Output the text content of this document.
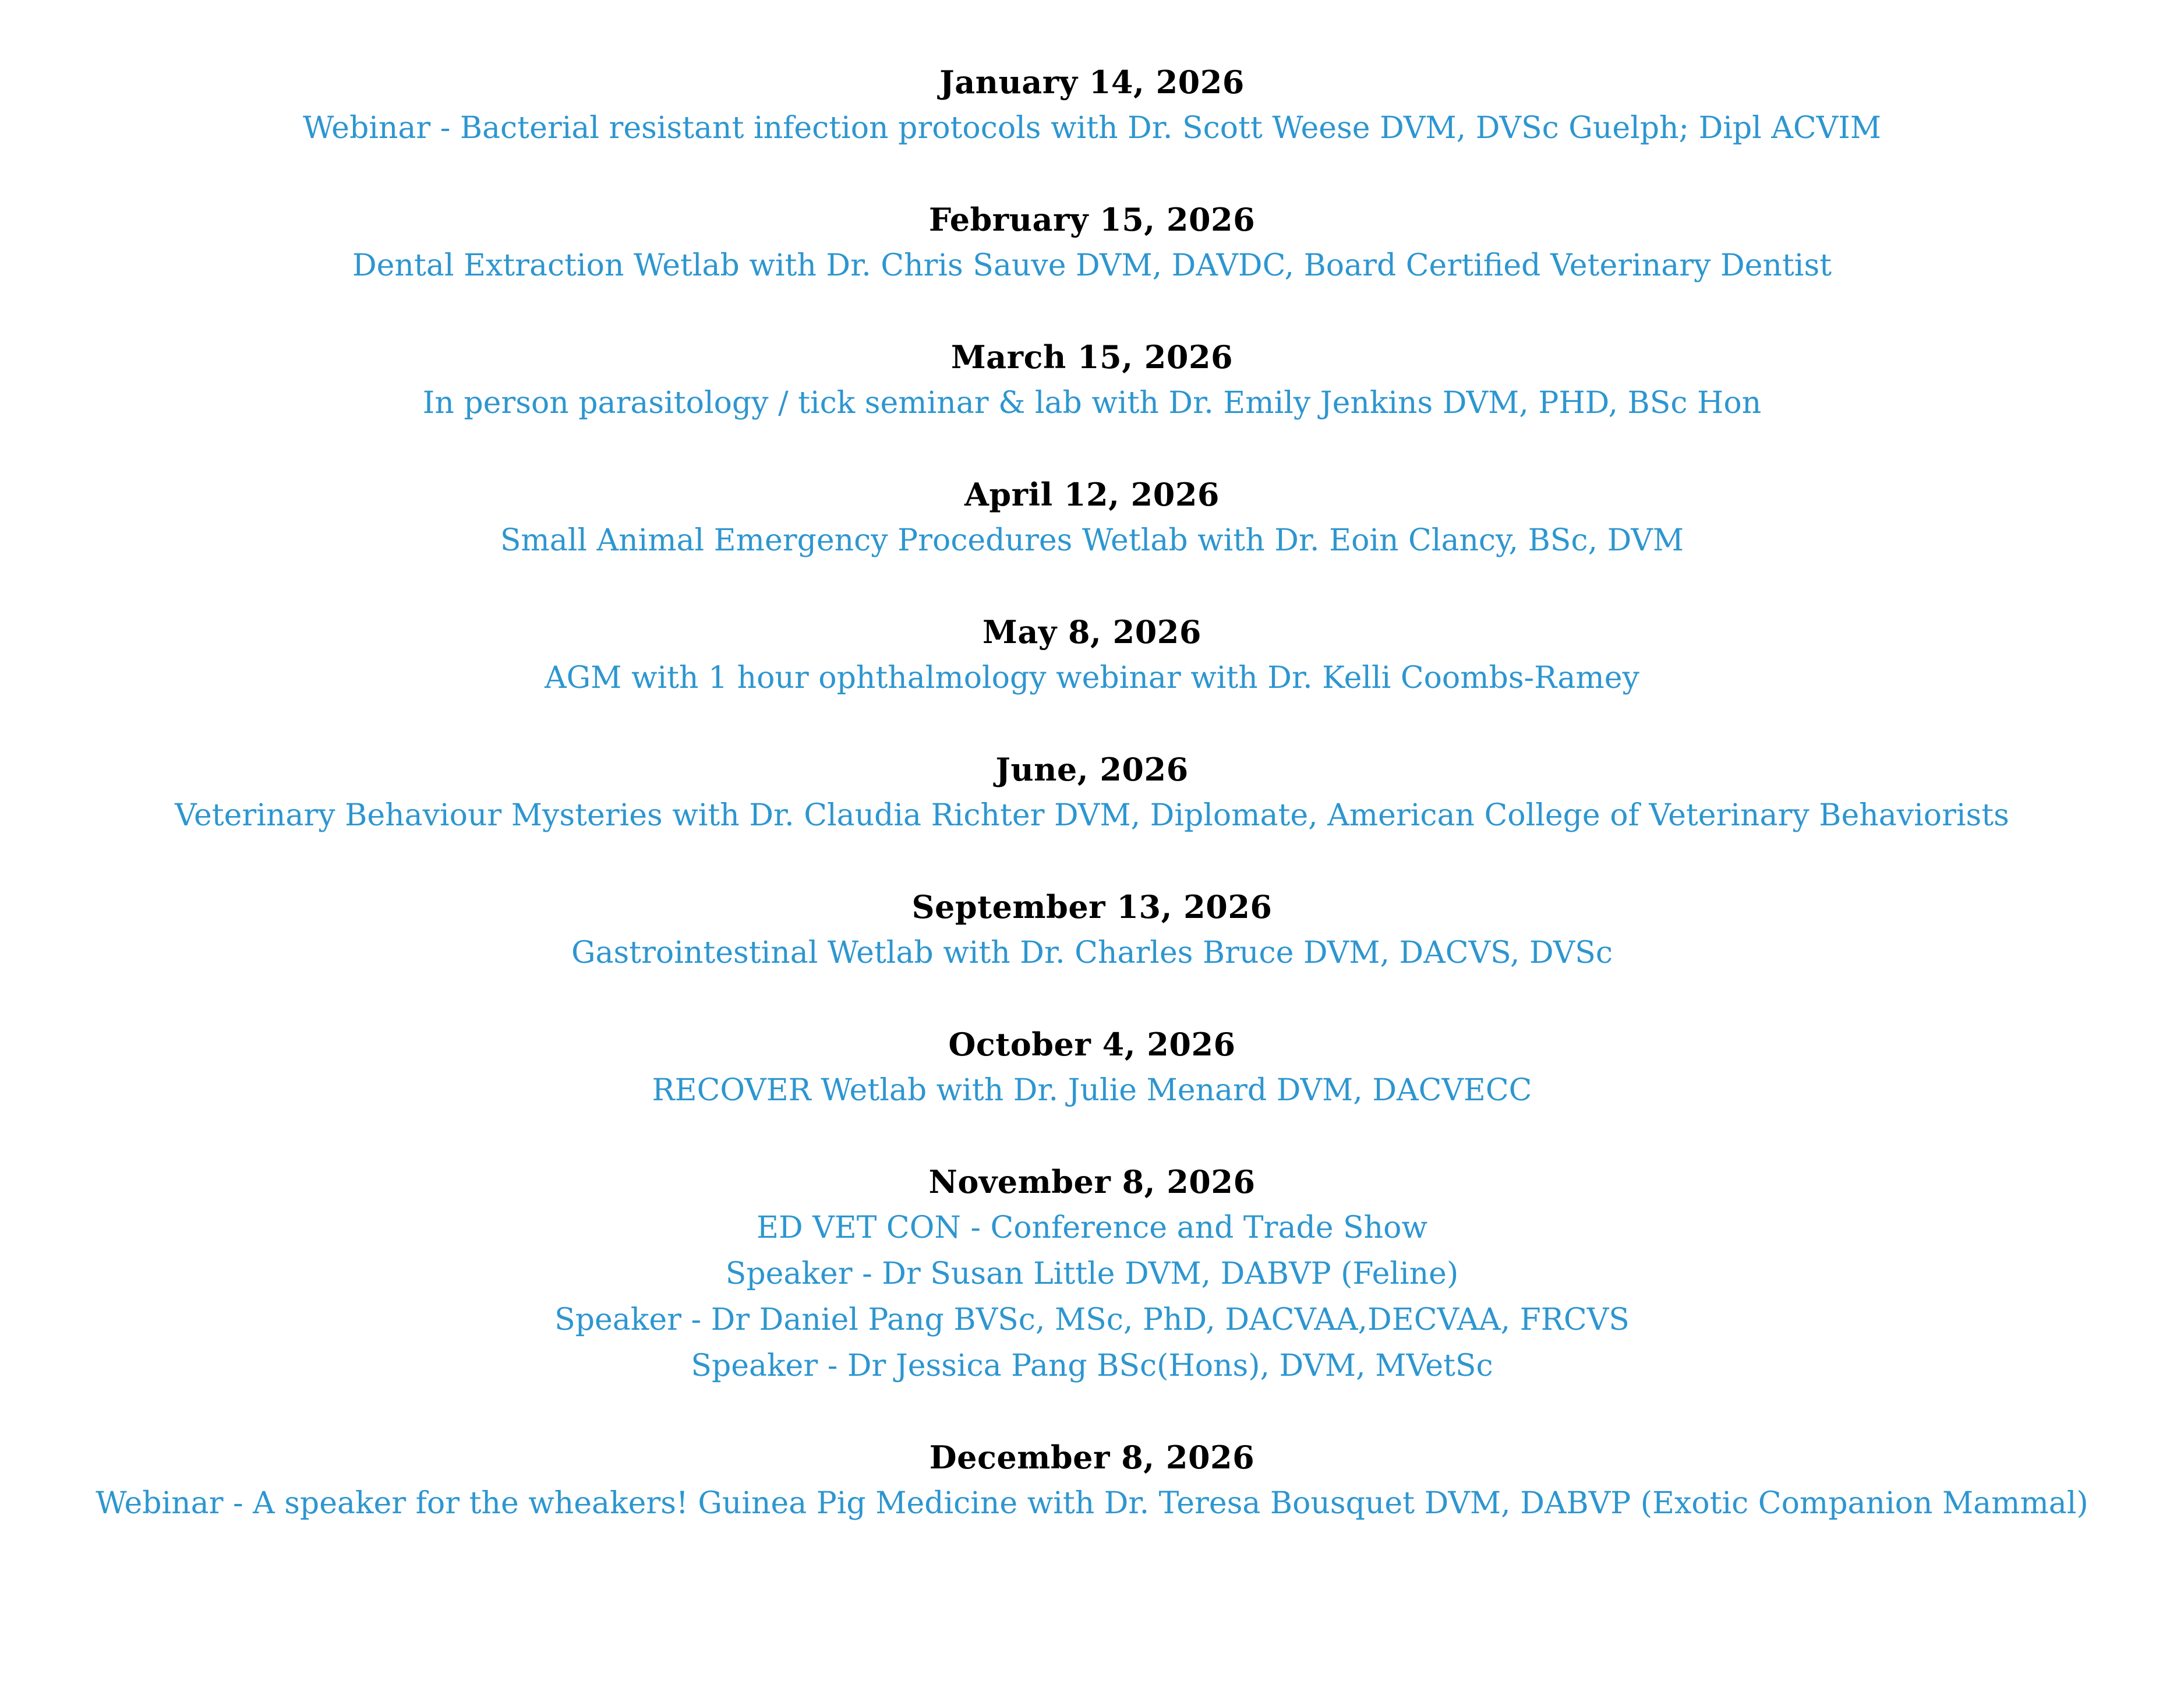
January 14, 2026
Webinar - Bacterial resistant infection protocols with Dr. Scott Weese DVM, DVSc Guelph; Dipl ACVIM
February 15, 2026
Dental Extraction Wetlab with Dr. Chris Sauve DVM, DAVDC, Board Certified Veterinary Dentist
March 15, 2026
In person parasitology / tick seminar & lab with Dr. Emily Jenkins DVM, PHD, BSc Hon
April 12, 2026
Small Animal Emergency Procedures Wetlab with Dr. Eoin Clancy, BSc, DVM
May 8, 2026
AGM with 1 hour ophthalmology webinar with Dr. Kelli Coombs-Ramey
June, 2026
Veterinary Behaviour Mysteries with Dr. Claudia Richter DVM, Diplomate, American College of Veterinary Behaviorists
September 13, 2026
Gastrointestinal Wetlab with Dr. Charles Bruce DVM, DACVS, DVSc
October 4, 2026
RECOVER Wetlab with Dr. Julie Menard DVM, DACVECC
November 8, 2026
ED VET CON - Conference and Trade Show
Speaker - Dr Susan Little DVM, DABVP (Feline)
Speaker - Dr Daniel Pang BVSc, MSc, PhD, DACVAA,DECVAA, FRCVS
Speaker - Dr Jessica Pang BSc(Hons), DVM, MVetSc
December 8, 2026
Webinar - A speaker for the wheakers! Guinea Pig Medicine with Dr. Teresa Bousquet DVM, DABVP (Exotic Companion Mammal)
